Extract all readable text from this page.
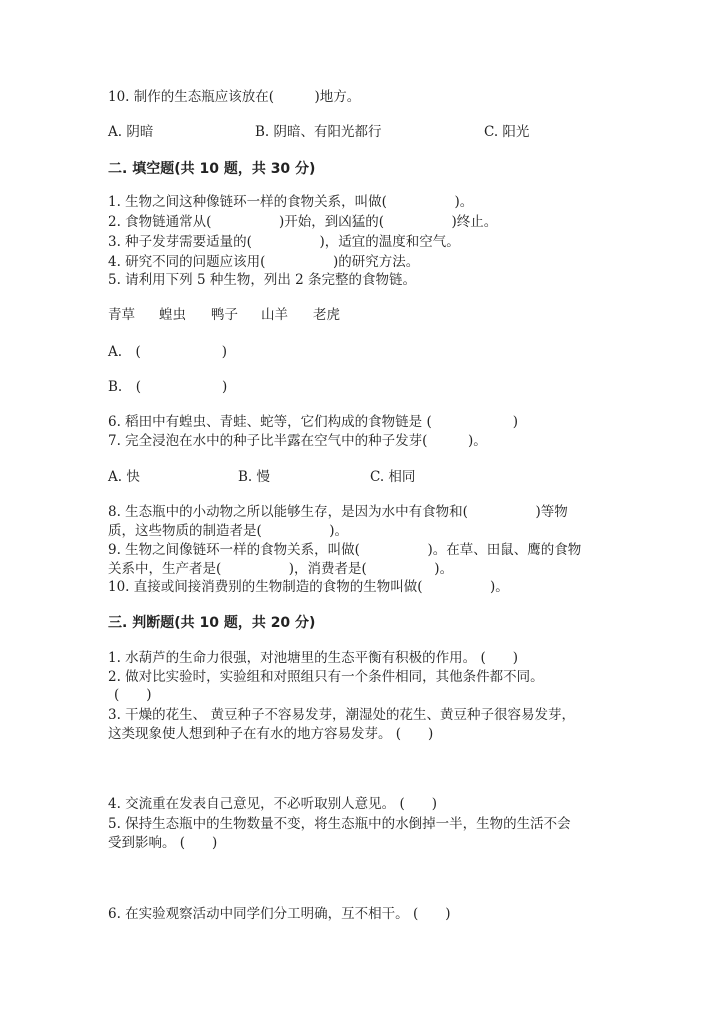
10. 制作的生态瓶应该放在(　　　)地方。
A. 阴暗	B. 阴暗、有阳光都行	C. 阳光
二. 填空题(共 10 题，共 30 分)
1. 生物之间这种像链环一样的食物关系，叫做(　　　　　)。
2. 食物链通常从(　　　　　)开始，到凶猛的(　　　　　)终止。
3. 种子发芽需要适量的(　　　　　)，适宜的温度和空气。
4. 研究不同的问题应该用(　　　　　)的研究方法。
5. 请利用下列 5 种生物，列出 2 条完整的食物链。
青草 蝗虫 鸭子 山羊 老虎
A.　(　　　　　　)
B.　(　　　　　　)
6. 稻田中有蝗虫、青蛙、蛇等，它们构成的食物链是 (　　　　　　)
7. 完全浸泡在水中的种子比半露在空气中的种子发芽(　　　)。
A. 快	B. 慢	C. 相同
8. 生态瓶中的小动物之所以能够生存，是因为水中有食物和(　　　　　)等物
质，这些物质的制造者是(　　　　　)。
9. 生物之间像链环一样的食物关系，叫做(　　　　　)。在草、田鼠、鹰的食物
关系中，生产者是(　　　　　)，消费者是(　　　　　)。
10. 直接或间接消费别的生物制造的食物的生物叫做(　　　　　)。
三. 判断题(共 10 题，共 20 分)
1. 水葫芦的生命力很强，对池塘里的生态平衡有积极的作用。 (　　)
2. 做对比实验时，实验组和对照组只有一个条件相同，其他条件都不同。
(　　)
3. 干燥的花生、 黄豆种子不容易发芽，潮湿处的花生、黄豆种子很容易发芽，
这类现象使人想到种子在有水的地方容易发芽。 (　　)
4. 交流重在发表自己意见，不必听取别人意见。 (　　)
5. 保持生态瓶中的生物数量不变，将生态瓶中的水倒掉一半，生物的生活不会
受到影响。 (　　)
6. 在实验观察活动中同学们分工明确，互不相干。 (　　)
